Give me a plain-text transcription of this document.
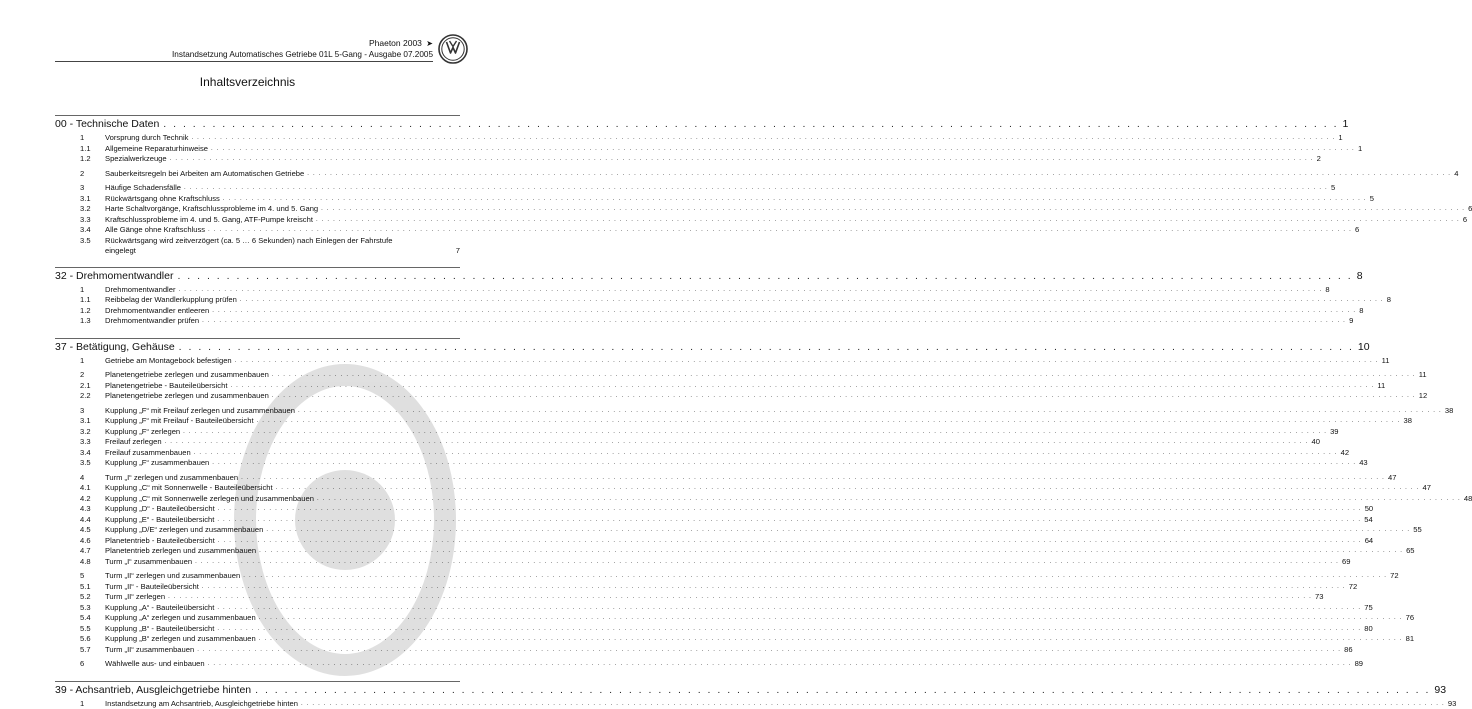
Phaeton 2003 ➤
Instandsetzung Automatisches Getriebe 01L 5-Gang - Ausgabe 07.2005
Inhaltsverzeichnis
00 - Technische Daten . . . . . . . . . . . . . . . . . . . . . . . . . . . . . . . . . . . . . . . . . . . . . . . . . . . . . . . . . . . . . . . . . . . . . . . . . . . . . . . . . . . . . . . . . . . . . . . . . . . . . . . . . . . . . . . . . . . . . . . . 1
1	Vorsprung durch Technik . . . . . . . . . . . . . . . . . . . . . . . . . . . . . . . . . . . . . . . . . . . . . . . . . . . . . . . . . . . . . . . . . . . . . . . . . . . . . . . . . . . . . . . . . . . . . . . . . . . . . . . . . . . . . . . . . . . . . . . . . . . . . . . . . . . . . . . . . . . . . . . . . . . . . . . . . . . . . . . . . . . . . . . . . . . . . . . . . . . . . . . . . . . . . . . . . . . . . . . . 1
1.1	Allgemeine Reparaturhinweise . . . . . . . . . . . . . . . . . . . . . . . . . . . . . . . . . . . . . . . . . . . . . . . . . . . . . . . . . . . . . . . . . . . . . . . . . . . . . . . . . . . . . . . . . . . . . . . . . . . . . . . . . . . . . . . . . . . . . . . . . . . . . . . . . . . . . . . . . . . . . . . . . . . . . . . . . . . . . . . . . . . . . . . . . . . . . . . . . . . . . . . . . . . . . . . . . . . . . . . . 1
1.2	Spezialwerkzeuge . . . . . . . . . . . . . . . . . . . . . . . . . . . . . . . . . . . . . . . . . . . . . . . . . . . . . . . . . . . . . . . . . . . . . . . . . . . . . . . . . . . . . . . . . . . . . . . . . . . . . . . . . . . . . . . . . . . . . . . . . . . . . . . . . . . . . . . . . . . . . . . . . . . . . . . . . . . . . . . . . . . . . . . . . . . . . . . . . . . . . . . . . . . . . . . . . . . . . . . . 2
2	Sauberkeitsregeln bei Arbeiten am Automatischen Getriebe . . . . . . . . . . . . . . . . . . . . . . . . . . . . . . . . . . . . . . . . . . . . . . . . . . . . . . . . . . . . . . . . . . . . . . . . . . . . . . . . . . . . . . . . . . . . . . . . . . . . . . . . . . . . . . . . . . . . . . . . . . . . . . . . . . . . . . . . . . . . . . . . . . . . . . . . . . . . . . . . . . . . . . . . . . . . . . . . . . . . . . . . . . . . . . . . . . . . . . . . 4
3	Häufige Schadensfälle . . . . . . . . . . . . . . . . . . . . . . . . . . . . . . . . . . . . . . . . . . . . . . . . . . . . . . . . . . . . . . . . . . . . . . . . . . . . . . . . . . . . . . . . . . . . . . . . . . . . . . . . . . . . . . . . . . . . . . . . . . . . . . . . . . . . . . . . . . . . . . . . . . . . . . . . . . . . . . . . . . . . . . . . . . . . . . . . . . . . . . . . . . . . . . . . . . . . . . . . 5
3.1	Rückwärtsgang ohne Kraftschluss . . . . . . . . . . . . . . . . . . . . . . . . . . . . . . . . . . . . . . . . . . . . . . . . . . . . . . . . . . . . . . . . . . . . . . . . . . . . . . . . . . . . . . . . . . . . . . . . . . . . . . . . . . . . . . . . . . . . . . . . . . . . . . . . . . . . . . . . . . . . . . . . . . . . . . . . . . . . . . . . . . . . . . . . . . . . . . . . . . . . . . . . . . . . . . . . . . . . . . . . 5
3.2	Harte Schaltvorgänge, Kraftschlussprobleme im 4. und 5. Gang . . . . . . . . . . . . . . . . . . . . . . . . . . . . . . . . . . . . . . . . . . . . . . . . . . . . . . . . . . . . . . . . . . . . . . . . . . . . . . . . . . . . . . . . . . . . . . . . . . . . . . . . . . . . . . . . . . . . . . . . . . . . . . . . . . . . . . . . . . . . . . . . . . . . . . . . . . . . . . . . . . . . . . . . . . . . . . . . . . . . . . . . . . . . . . . . . . . . . . . . 6
3.3	Kraftschlussprobleme im 4. und 5. Gang, ATF-Pumpe kreischt . . . . . . . . . . . . . . . . . . . . . . . . . . . . . . . . . . . . . . . . . . . . . . . . . . . . . . . . . . . . . . . . . . . . . . . . . . . . . . . . . . . . . . . . . . . . . . . . . . . . . . . . . . . . . . . . . . . . . . . . . . . . . . . . . . . . . . . . . . . . . . . . . . . . . . . . . . . . . . . . . . . . . . . . . . . . . . . . . . . . . . . . . . . . . . . . . . . . . . . . 6
3.4	Alle Gänge ohne Kraftschluss . . . . . . . . . . . . . . . . . . . . . . . . . . . . . . . . . . . . . . . . . . . . . . . . . . . . . . . . . . . . . . . . . . . . . . . . . . . . . . . . . . . . . . . . . . . . . . . . . . . . . . . . . . . . . . . . . . . . . . . . . . . . . . . . . . . . . . . . . . . . . . . . . . . . . . . . . . . . . . . . . . . . . . . . . . . . . . . . . . . . . . . . . . . . . . . . . . . . . . . . 6
3.5	Rückwärtsgang wird zeitverzögert (ca. 5 … 6 Sekunden) nach Einlegen der Fahrstufe
eingelegt	7
32 - Drehmomentwandler . . . . . . . . . . . . . . . . . . . . . . . . . . . . . . . . . . . . . . . . . . . . . . . . . . . . . . . . . . . . . . . . . . . . . . . . . . . . . . . . . . . . . . . . . . . . . . . . . . . . . . . . . . . . . . . . . . . . . . . . 8
1	Drehmomentwandler . . . . . . . . . . . . . . . . . . . . . . . . . . . . . . . . . . . . . . . . . . . . . . . . . . . . . . . . . . . . . . . . . . . . . . . . . . . . . . . . . . . . . . . . . . . . . . . . . . . . . . . . . . . . . . . . . . . . . . . . . . . . . . . . . . . . . . . . . . . . . . . . . . . . . . . . . . . . . . . . . . . . . . . . . . . . . . . . . . . . . . . . . . . . . . . . . . . . . . . . 8
1.1	Reibbelag der Wandlerkupplung prüfen . . . . . . . . . . . . . . . . . . . . . . . . . . . . . . . . . . . . . . . . . . . . . . . . . . . . . . . . . . . . . . . . . . . . . . . . . . . . . . . . . . . . . . . . . . . . . . . . . . . . . . . . . . . . . . . . . . . . . . . . . . . . . . . . . . . . . . . . . . . . . . . . . . . . . . . . . . . . . . . . . . . . . . . . . . . . . . . . . . . . . . . . . . . . . . . . . . . . . . . . 8
1.2	Drehmomentwandler entleeren . . . . . . . . . . . . . . . . . . . . . . . . . . . . . . . . . . . . . . . . . . . . . . . . . . . . . . . . . . . . . . . . . . . . . . . . . . . . . . . . . . . . . . . . . . . . . . . . . . . . . . . . . . . . . . . . . . . . . . . . . . . . . . . . . . . . . . . . . . . . . . . . . . . . . . . . . . . . . . . . . . . . . . . . . . . . . . . . . . . . . . . . . . . . . . . . . . . . . . . . 8
1.3	Drehmomentwandler prüfen . . . . . . . . . . . . . . . . . . . . . . . . . . . . . . . . . . . . . . . . . . . . . . . . . . . . . . . . . . . . . . . . . . . . . . . . . . . . . . . . . . . . . . . . . . . . . . . . . . . . . . . . . . . . . . . . . . . . . . . . . . . . . . . . . . . . . . . . . . . . . . . . . . . . . . . . . . . . . . . . . . . . . . . . . . . . . . . . . . . . . . . . . . . . . . . . . . . . . . . . 9
37 - Betätigung, Gehäuse . . . . . . . . . . . . . . . . . . . . . . . . . . . . . . . . . . . . . . . . . . . . . . . . . . . . . . . . . . . . . . . . . . . . . . . . . . . . . . . . . . . . . . . . . . . . . . . . . . . . . . . . . . . . . . . . . . . . . . . . 10
1	Getriebe am Montagebock befestigen . . . . . . . . . . . . . . . . . . . . . . . . . . . . . . . . . . . . . . . . . . . . . . . . . . . . . . . . . . . . . . . . . . . . . . . . . . . . . . . . . . . . . . . . . . . . . . . . . . . . . . . . . . . . . . . . . . . . . . . . . . . . . . . . . . . . . . . . . . . . . . . . . . . . . . . . . . . . . . . . . . . . . . . . . . . . . . . . . . . . . . . . . . . . . . . . . . . . . . . . 11
2	Planetengetriebe zerlegen und zusammenbauen . . . . . . . . . . . . . . . . . . . . . . . . . . . . . . . . . . . . . . . . . . . . . . . . . . . . . . . . . . . . . . . . . . . . . . . . . . . . . . . . . . . . . . . . . . . . . . . . . . . . . . . . . . . . . . . . . . . . . . . . . . . . . . . . . . . . . . . . . . . . . . . . . . . . . . . . . . . . . . . . . . . . . . . . . . . . . . . . . . . . . . . . . . . . . . . . . . . . . . . . 11
2.1	Planetengetriebe - Bauteileübersicht . . . . . . . . . . . . . . . . . . . . . . . . . . . . . . . . . . . . . . . . . . . . . . . . . . . . . . . . . . . . . . . . . . . . . . . . . . . . . . . . . . . . . . . . . . . . . . . . . . . . . . . . . . . . . . . . . . . . . . . . . . . . . . . . . . . . . . . . . . . . . . . . . . . . . . . . . . . . . . . . . . . . . . . . . . . . . . . . . . . . . . . . . . . . . . . . . . . . . . . . 11
2.2	Planetengetriebe zerlegen und zusammenbauen . . . . . . . . . . . . . . . . . . . . . . . . . . . . . . . . . . . . . . . . . . . . . . . . . . . . . . . . . . . . . . . . . . . . . . . . . . . . . . . . . . . . . . . . . . . . . . . . . . . . . . . . . . . . . . . . . . . . . . . . . . . . . . . . . . . . . . . . . . . . . . . . . . . . . . . . . . . . . . . . . . . . . . . . . . . . . . . . . . . . . . . . . . . . . . . . . . . . . . . . 12
3	Kupplung „F“ mit Freilauf zerlegen und zusammenbauen . . . . . . . . . . . . . . . . . . . . . . . . . . . . . . . . . . . . . . . . . . . . . . . . . . . . . . . . . . . . . . . . . . . . . . . . . . . . . . . . . . . . . . . . . . . . . . . . . . . . . . . . . . . . . . . . . . . . . . . . . . . . . . . . . . . . . . . . . . . . . . . . . . . . . . . . . . . . . . . . . . . . . . . . . . . . . . . . . . . . . . . . . . . . . . . . . . . . . . . . 38
3.1	Kupplung „F“ mit Freilauf - Bauteileübersicht . . . . . . . . . . . . . . . . . . . . . . . . . . . . . . . . . . . . . . . . . . . . . . . . . . . . . . . . . . . . . . . . . . . . . . . . . . . . . . . . . . . . . . . . . . . . . . . . . . . . . . . . . . . . . . . . . . . . . . . . . . . . . . . . . . . . . . . . . . . . . . . . . . . . . . . . . . . . . . . . . . . . . . . . . . . . . . . . . . . . . . . . . . . . . . . . . . . . . . . . 38
3.2	Kupplung „F“ zerlegen . . . . . . . . . . . . . . . . . . . . . . . . . . . . . . . . . . . . . . . . . . . . . . . . . . . . . . . . . . . . . . . . . . . . . . . . . . . . . . . . . . . . . . . . . . . . . . . . . . . . . . . . . . . . . . . . . . . . . . . . . . . . . . . . . . . . . . . . . . . . . . . . . . . . . . . . . . . . . . . . . . . . . . . . . . . . . . . . . . . . . . . . . . . . . . . . . . . . . . . . 39
3.3	Freilauf zerlegen . . . . . . . . . . . . . . . . . . . . . . . . . . . . . . . . . . . . . . . . . . . . . . . . . . . . . . . . . . . . . . . . . . . . . . . . . . . . . . . . . . . . . . . . . . . . . . . . . . . . . . . . . . . . . . . . . . . . . . . . . . . . . . . . . . . . . . . . . . . . . . . . . . . . . . . . . . . . . . . . . . . . . . . . . . . . . . . . . . . . . . . . . . . . . . . . . . . . . . . . 40
3.4	Freilauf zusammenbauen . . . . . . . . . . . . . . . . . . . . . . . . . . . . . . . . . . . . . . . . . . . . . . . . . . . . . . . . . . . . . . . . . . . . . . . . . . . . . . . . . . . . . . . . . . . . . . . . . . . . . . . . . . . . . . . . . . . . . . . . . . . . . . . . . . . . . . . . . . . . . . . . . . . . . . . . . . . . . . . . . . . . . . . . . . . . . . . . . . . . . . . . . . . . . . . . . . . . . . . . 42
3.5	Kupplung „F“ zusammenbauen . . . . . . . . . . . . . . . . . . . . . . . . . . . . . . . . . . . . . . . . . . . . . . . . . . . . . . . . . . . . . . . . . . . . . . . . . . . . . . . . . . . . . . . . . . . . . . . . . . . . . . . . . . . . . . . . . . . . . . . . . . . . . . . . . . . . . . . . . . . . . . . . . . . . . . . . . . . . . . . . . . . . . . . . . . . . . . . . . . . . . . . . . . . . . . . . . . . . . . . . 43
4	Turm „I“ zerlegen und zusammenbauen . . . . . . . . . . . . . . . . . . . . . . . . . . . . . . . . . . . . . . . . . . . . . . . . . . . . . . . . . . . . . . . . . . . . . . . . . . . . . . . . . . . . . . . . . . . . . . . . . . . . . . . . . . . . . . . . . . . . . . . . . . . . . . . . . . . . . . . . . . . . . . . . . . . . . . . . . . . . . . . . . . . . . . . . . . . . . . . . . . . . . . . . . . . . . . . . . . . . . . . . 47
4.1	Kupplung „C“ mit Sonnenwelle - Bauteileübersicht . . . . . . . . . . . . . . . . . . . . . . . . . . . . . . . . . . . . . . . . . . . . . . . . . . . . . . . . . . . . . . . . . . . . . . . . . . . . . . . . . . . . . . . . . . . . . . . . . . . . . . . . . . . . . . . . . . . . . . . . . . . . . . . . . . . . . . . . . . . . . . . . . . . . . . . . . . . . . . . . . . . . . . . . . . . . . . . . . . . . . . . . . . . . . . . . . . . . . . . . 47
4.2	Kupplung „C“ mit Sonnenwelle zerlegen und zusammenbauen . . . . . . . . . . . . . . . . . . . . . . . . . . . . . . . . . . . . . . . . . . . . . . . . . . . . . . . . . . . . . . . . . . . . . . . . . . . . . . . . . . . . . . . . . . . . . . . . . . . . . . . . . . . . . . . . . . . . . . . . . . . . . . . . . . . . . . . . . . . . . . . . . . . . . . . . . . . . . . . . . . . . . . . . . . . . . . . . . . . . . . . . . . . . . . . . . . . . . . . . 48
4.3	Kupplung „D“ - Bauteileübersicht . . . . . . . . . . . . . . . . . . . . . . . . . . . . . . . . . . . . . . . . . . . . . . . . . . . . . . . . . . . . . . . . . . . . . . . . . . . . . . . . . . . . . . . . . . . . . . . . . . . . . . . . . . . . . . . . . . . . . . . . . . . . . . . . . . . . . . . . . . . . . . . . . . . . . . . . . . . . . . . . . . . . . . . . . . . . . . . . . . . . . . . . . . . . . . . . . . . . . . . . 50
4.4	Kupplung „E“ - Bauteileübersicht . . . . . . . . . . . . . . . . . . . . . . . . . . . . . . . . . . . . . . . . . . . . . . . . . . . . . . . . . . . . . . . . . . . . . . . . . . . . . . . . . . . . . . . . . . . . . . . . . . . . . . . . . . . . . . . . . . . . . . . . . . . . . . . . . . . . . . . . . . . . . . . . . . . . . . . . . . . . . . . . . . . . . . . . . . . . . . . . . . . . . . . . . . . . . . . . . . . . . . . . 54
4.5	Kupplung „D/E“ zerlegen und zusammenbauen . . . . . . . . . . . . . . . . . . . . . . . . . . . . . . . . . . . . . . . . . . . . . . . . . . . . . . . . . . . . . . . . . . . . . . . . . . . . . . . . . . . . . . . . . . . . . . . . . . . . . . . . . . . . . . . . . . . . . . . . . . . . . . . . . . . . . . . . . . . . . . . . . . . . . . . . . . . . . . . . . . . . . . . . . . . . . . . . . . . . . . . . . . . . . . . . . . . . . . . . 55
4.6	Planetentrieb - Bauteileübersicht . . . . . . . . . . . . . . . . . . . . . . . . . . . . . . . . . . . . . . . . . . . . . . . . . . . . . . . . . . . . . . . . . . . . . . . . . . . . . . . . . . . . . . . . . . . . . . . . . . . . . . . . . . . . . . . . . . . . . . . . . . . . . . . . . . . . . . . . . . . . . . . . . . . . . . . . . . . . . . . . . . . . . . . . . . . . . . . . . . . . . . . . . . . . . . . . . . . . . . . . 64
4.7	Planetentrieb zerlegen und zusammenbauen . . . . . . . . . . . . . . . . . . . . . . . . . . . . . . . . . . . . . . . . . . . . . . . . . . . . . . . . . . . . . . . . . . . . . . . . . . . . . . . . . . . . . . . . . . . . . . . . . . . . . . . . . . . . . . . . . . . . . . . . . . . . . . . . . . . . . . . . . . . . . . . . . . . . . . . . . . . . . . . . . . . . . . . . . . . . . . . . . . . . . . . . . . . . . . . . . . . . . . . . 65
4.8	Turm „I“ zusammenbauen . . . . . . . . . . . . . . . . . . . . . . . . . . . . . . . . . . . . . . . . . . . . . . . . . . . . . . . . . . . . . . . . . . . . . . . . . . . . . . . . . . . . . . . . . . . . . . . . . . . . . . . . . . . . . . . . . . . . . . . . . . . . . . . . . . . . . . . . . . . . . . . . . . . . . . . . . . . . . . . . . . . . . . . . . . . . . . . . . . . . . . . . . . . . . . . . . . . . . . . . 69
5	Turm „II“ zerlegen und zusammenbauen . . . . . . . . . . . . . . . . . . . . . . . . . . . . . . . . . . . . . . . . . . . . . . . . . . . . . . . . . . . . . . . . . . . . . . . . . . . . . . . . . . . . . . . . . . . . . . . . . . . . . . . . . . . . . . . . . . . . . . . . . . . . . . . . . . . . . . . . . . . . . . . . . . . . . . . . . . . . . . . . . . . . . . . . . . . . . . . . . . . . . . . . . . . . . . . . . . . . . . . . 72
5.1	Turm „II“ - Bauteileübersicht . . . . . . . . . . . . . . . . . . . . . . . . . . . . . . . . . . . . . . . . . . . . . . . . . . . . . . . . . . . . . . . . . . . . . . . . . . . . . . . . . . . . . . . . . . . . . . . . . . . . . . . . . . . . . . . . . . . . . . . . . . . . . . . . . . . . . . . . . . . . . . . . . . . . . . . . . . . . . . . . . . . . . . . . . . . . . . . . . . . . . . . . . . . . . . . . . . . . . . . . 72
5.2	Turm „II“ zerlegen . . . . . . . . . . . . . . . . . . . . . . . . . . . . . . . . . . . . . . . . . . . . . . . . . . . . . . . . . . . . . . . . . . . . . . . . . . . . . . . . . . . . . . . . . . . . . . . . . . . . . . . . . . . . . . . . . . . . . . . . . . . . . . . . . . . . . . . . . . . . . . . . . . . . . . . . . . . . . . . . . . . . . . . . . . . . . . . . . . . . . . . . . . . . . . . . . . . . . . . . 73
5.3	Kupplung „A“ - Bauteileübersicht . . . . . . . . . . . . . . . . . . . . . . . . . . . . . . . . . . . . . . . . . . . . . . . . . . . . . . . . . . . . . . . . . . . . . . . . . . . . . . . . . . . . . . . . . . . . . . . . . . . . . . . . . . . . . . . . . . . . . . . . . . . . . . . . . . . . . . . . . . . . . . . . . . . . . . . . . . . . . . . . . . . . . . . . . . . . . . . . . . . . . . . . . . . . . . . . . . . . . . . . 75
5.4	Kupplung „A“ zerlegen und zusammenbauen . . . . . . . . . . . . . . . . . . . . . . . . . . . . . . . . . . . . . . . . . . . . . . . . . . . . . . . . . . . . . . . . . . . . . . . . . . . . . . . . . . . . . . . . . . . . . . . . . . . . . . . . . . . . . . . . . . . . . . . . . . . . . . . . . . . . . . . . . . . . . . . . . . . . . . . . . . . . . . . . . . . . . . . . . . . . . . . . . . . . . . . . . . . . . . . . . . . . . . . . 76
5.5	Kupplung „B“ - Bauteileübersicht . . . . . . . . . . . . . . . . . . . . . . . . . . . . . . . . . . . . . . . . . . . . . . . . . . . . . . . . . . . . . . . . . . . . . . . . . . . . . . . . . . . . . . . . . . . . . . . . . . . . . . . . . . . . . . . . . . . . . . . . . . . . . . . . . . . . . . . . . . . . . . . . . . . . . . . . . . . . . . . . . . . . . . . . . . . . . . . . . . . . . . . . . . . . . . . . . . . . . . . . 80
5.6	Kupplung „B“ zerlegen und zusammenbauen . . . . . . . . . . . . . . . . . . . . . . . . . . . . . . . . . . . . . . . . . . . . . . . . . . . . . . . . . . . . . . . . . . . . . . . . . . . . . . . . . . . . . . . . . . . . . . . . . . . . . . . . . . . . . . . . . . . . . . . . . . . . . . . . . . . . . . . . . . . . . . . . . . . . . . . . . . . . . . . . . . . . . . . . . . . . . . . . . . . . . . . . . . . . . . . . . . . . . . . . 81
5.7	Turm „II“ zusammenbauen . . . . . . . . . . . . . . . . . . . . . . . . . . . . . . . . . . . . . . . . . . . . . . . . . . . . . . . . . . . . . . . . . . . . . . . . . . . . . . . . . . . . . . . . . . . . . . . . . . . . . . . . . . . . . . . . . . . . . . . . . . . . . . . . . . . . . . . . . . . . . . . . . . . . . . . . . . . . . . . . . . . . . . . . . . . . . . . . . . . . . . . . . . . . . . . . . . . . . . . . 86
6	Wählwelle aus- und einbauen . . . . . . . . . . . . . . . . . . . . . . . . . . . . . . . . . . . . . . . . . . . . . . . . . . . . . . . . . . . . . . . . . . . . . . . . . . . . . . . . . . . . . . . . . . . . . . . . . . . . . . . . . . . . . . . . . . . . . . . . . . . . . . . . . . . . . . . . . . . . . . . . . . . . . . . . . . . . . . . . . . . . . . . . . . . . . . . . . . . . . . . . . . . . . . . . . . . . . . . . 89
39 - Achsantrieb, Ausgleichgetriebe hinten . . . . . . . . . . . . . . . . . . . . . . . . . . . . . . . . . . . . . . . . . . . . . . . . . . . . . . . . . . . . . . . . . . . . . . . . . . . . . . . . . . . . . . . . . . . . . . . . . . . . . . . . . . . . . . . . . . . . . . . . 93
1	Instandsetzung am Achsantrieb, Ausgleichgetriebe hinten . . . . . . . . . . . . . . . . . . . . . . . . . . . . . . . . . . . . . . . . . . . . . . . . . . . . . . . . . . . . . . . . . . . . . . . . . . . . . . . . . . . . . . . . . . . . . . . . . . . . . . . . . . . . . . . . . . . . . . . . . . . . . . . . . . . . . . . . . . . . . . . . . . . . . . . . . . . . . . . . . . . . . . . . . . . . . . . . . . . . . . . . . . . . . . . . . . . . . . . . 93
